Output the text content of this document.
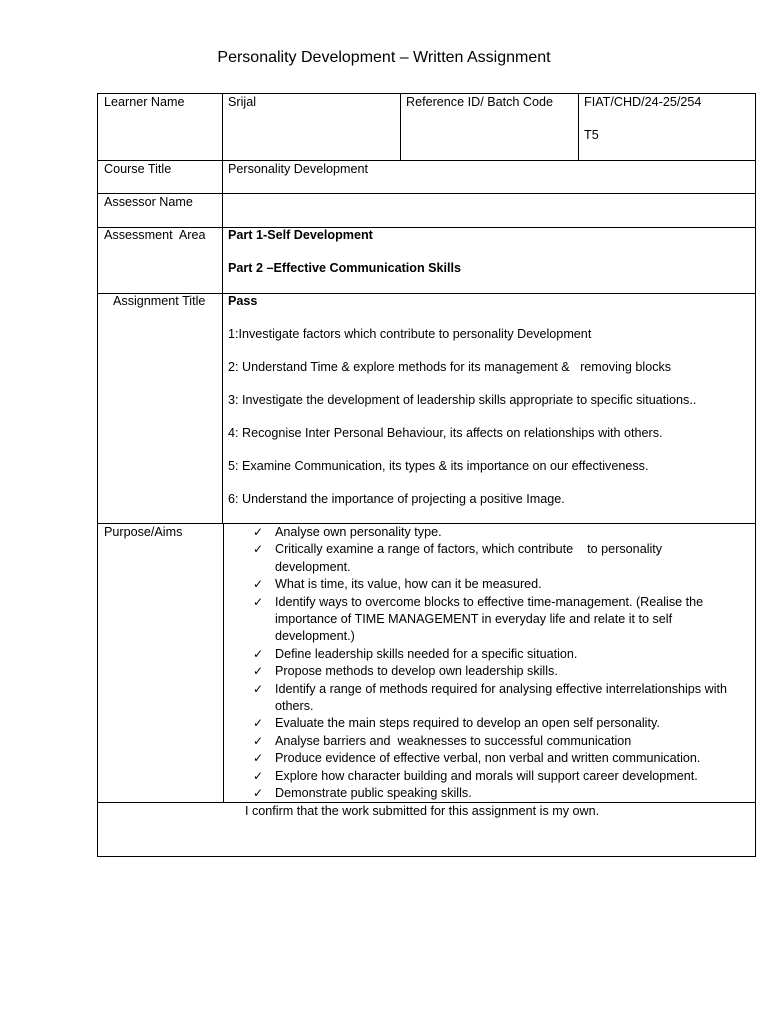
Personality Development – Written Assignment
Learner Name	Srijal	Reference ID/ Batch Code	FIAT/CHD/24-25/254
T5
Course Title	Personality Development
Assessor Name
Assessment  Area	Part 1-Self Development
Part 2 –Effective Communication Skills
Assignment Title	Pass
1:Investigate factors which contribute to personality Development
2: Understand Time & explore methods for its management &   removing blocks
3: Investigate the development of leadership skills appropriate to specific situations..
4: Recognise Inter Personal Behaviour, its affects on relationships with others.
5: Examine Communication, its types & its importance on our effectiveness.
6: Understand the importance of projecting a positive Image.
Purpose/Aims
✓	Analyse own personality type.
✓
Critically examine a range of factors, which contribute    to personality
development.
✓
What is time, its value, how can it be measured.
✓
Identify ways to overcome blocks to effective time-management. (Realise the
importance of TIME MANAGEMENT in everyday life and relate it to self
development.)
✓
Define leadership skills needed for a specific situation.
✓
Propose methods to develop own leadership skills.
✓
Identify a range of methods required for analysing effective interrelationships with
others.
✓
Evaluate the main steps required to develop an open self personality.
✓
Analyse barriers and  weaknesses to successful communication
✓
Produce evidence of effective verbal, non verbal and written communication.
✓
Explore how character building and morals will support career development.
✓
Demonstrate public speaking skills.
I confirm that the work submitted for this assignment is my own.
